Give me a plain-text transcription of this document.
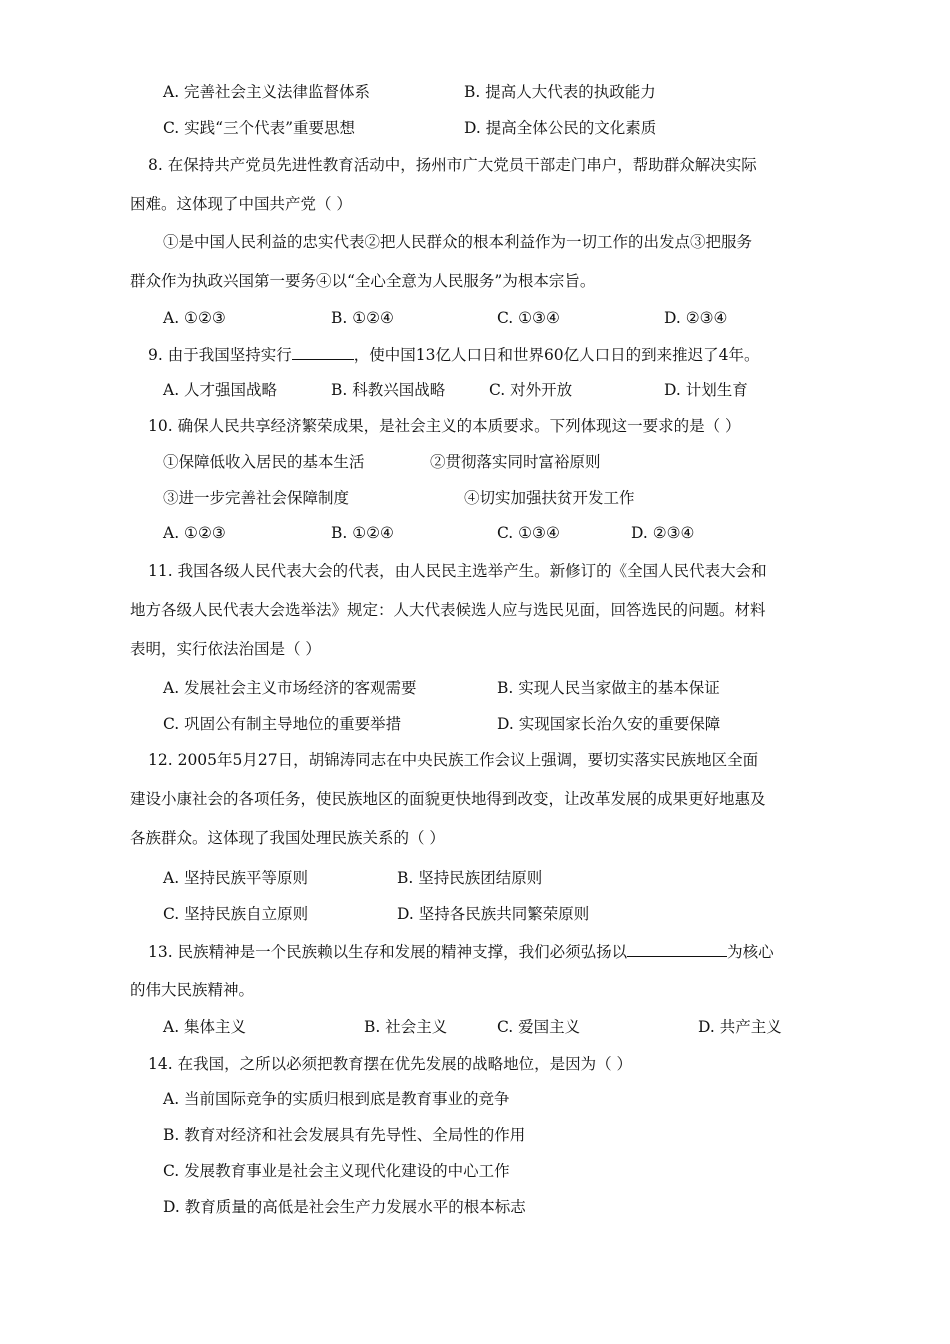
A. 完善社会主义法律监督体系	B. 提高人大代表的执政能力
C. 实践“三个代表”重要思想	D. 提高全体公民的文化素质
8. 在保持共产党员先进性教育活动中，扬州市广大党员干部走门串户，帮助群众解决实际
困难。这体现了中国共产党（ ）
①是中国人民利益的忠实代表②把人民群众的根本利益作为一切工作的出发点③把服务
群众作为执政兴国第一要务④以“全心全意为人民服务”为根本宗旨。
A. ①②③	B. ①②④	C. ①③④	D. ②③④
9. 由于我国坚持实行	，使中国13亿人口日和世界60亿人口日的到来推迟了4年。
A. 人才强国战略	B. 科教兴国战略	C. 对外开放	D. 计划生育
10. 确保人民共享经济繁荣成果，是社会主义的本质要求。下列体现这一要求的是（ ）
①保障低收入居民的基本生活	②贯彻落实同时富裕原则
③进一步完善社会保障制度	④切实加强扶贫开发工作
A. ①②③	B. ①②④	C. ①③④	D. ②③④
11. 我国各级人民代表大会的代表，由人民民主选举产生。新修订的《全国人民代表大会和
地方各级人民代表大会选举法》规定：人大代表候选人应与选民见面，回答选民的问题。材料
表明，实行依法治国是（ ）
A. 发展社会主义市场经济的客观需要	B. 实现人民当家做主的基本保证
C. 巩固公有制主导地位的重要举措	D. 实现国家长治久安的重要保障
12. 2005年5月27日，胡锦涛同志在中央民族工作会议上强调，要切实落实民族地区全面
建设小康社会的各项任务，使民族地区的面貌更快地得到改变，让改革发展的成果更好地惠及
各族群众。这体现了我国处理民族关系的（ ）
A. 坚持民族平等原则	B. 坚持民族团结原则
C. 坚持民族自立原则	D. 坚持各民族共同繁荣原则
13. 民族精神是一个民族赖以生存和发展的精神支撑，我们必须弘扬以	为核心
的伟大民族精神。
A. 集体主义	B. 社会主义	C. 爱国主义	D. 共产主义
14. 在我国，之所以必须把教育摆在优先发展的战略地位，是因为（ ）
A. 当前国际竞争的实质归根到底是教育事业的竞争
B. 教育对经济和社会发展具有先导性、全局性的作用
C. 发展教育事业是社会主义现代化建设的中心工作
D. 教育质量的高低是社会生产力发展水平的根本标志
